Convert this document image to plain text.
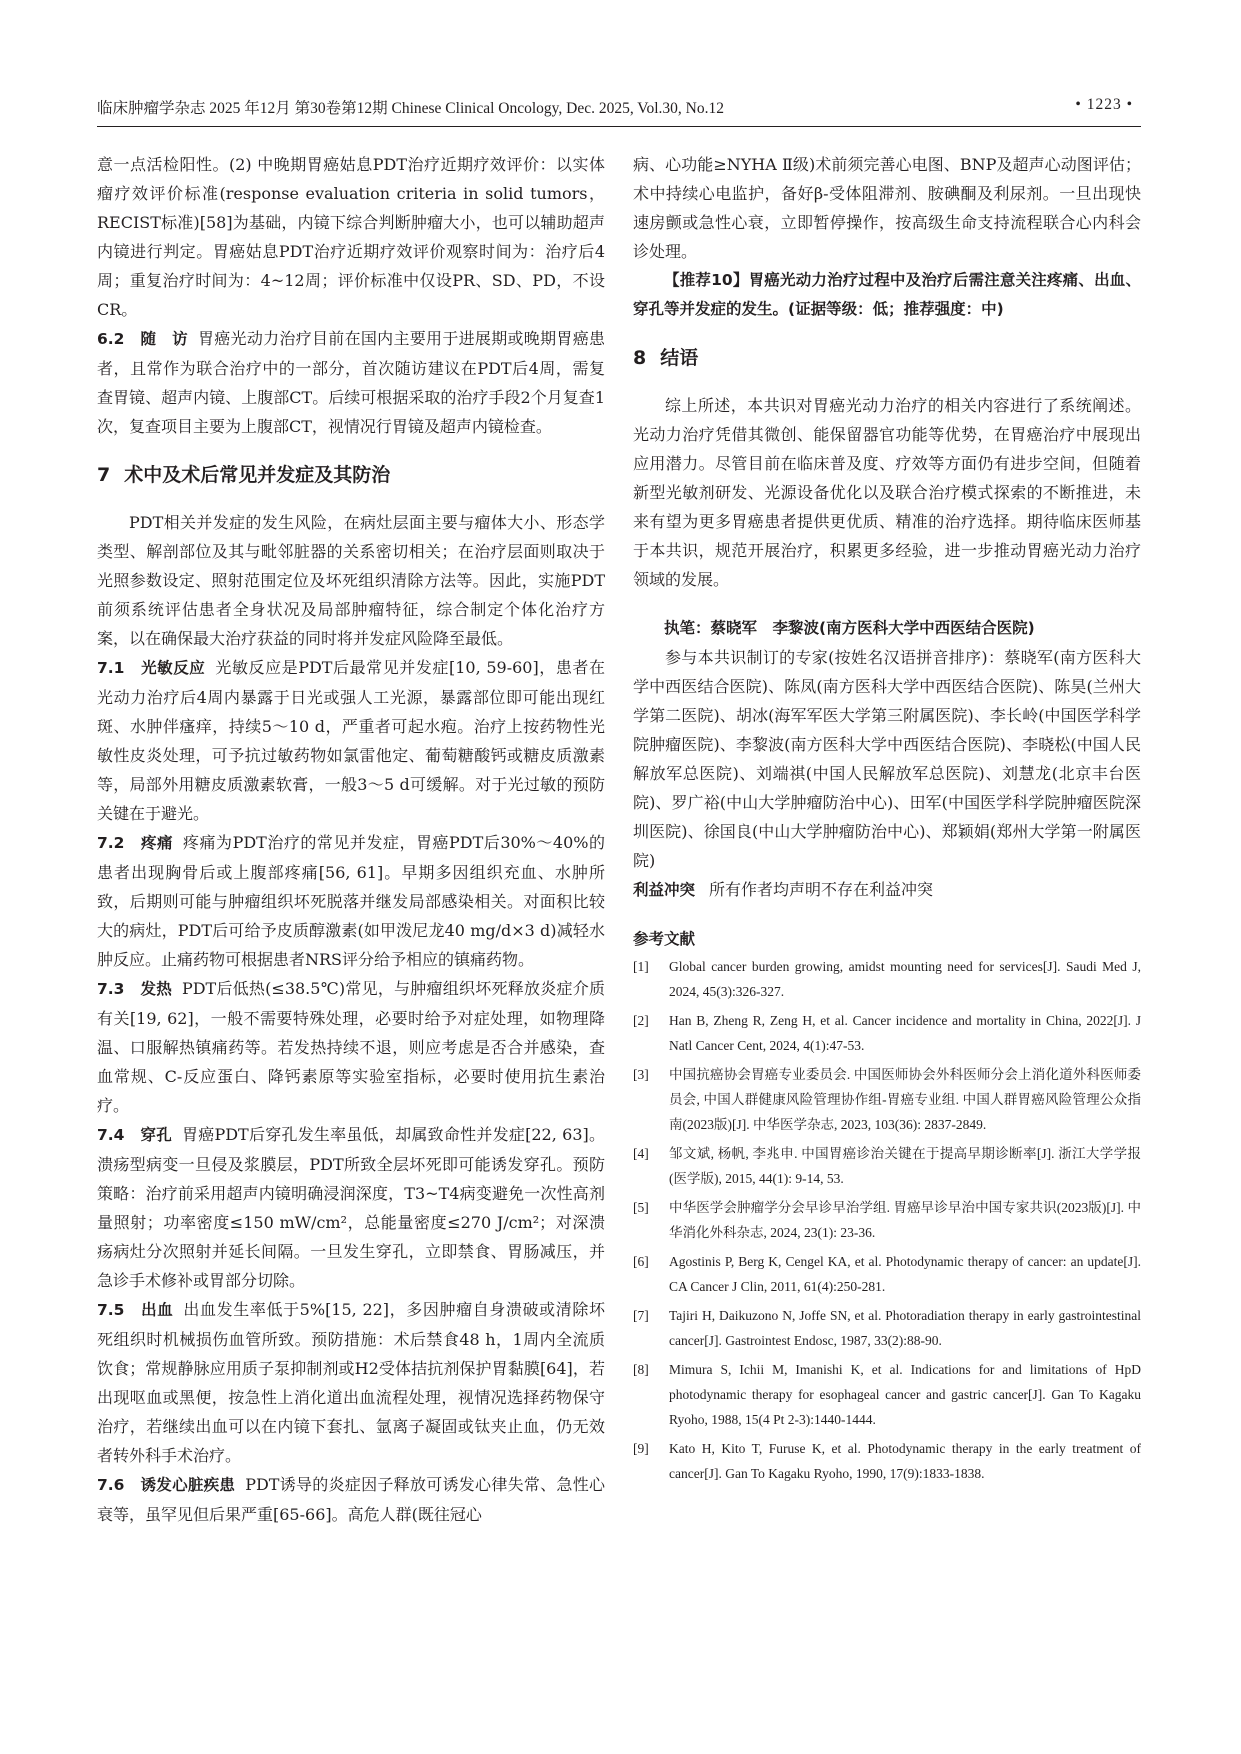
临床肿瘤学杂志 2025 年12月 第30卷第12期 Chinese Clinical Oncology, Dec. 2025, Vol.30, No.12	• 1223 •

意一点活检阳性。(2) 中晚期胃癌姑息PDT治疗近期疗效评价：以实体瘤疗效评价标准(response evaluation criteria in solid tumors，RECIST标准)[58]为基础，内镜下综合判断肿瘤大小，也可以辅助超声内镜进行判定。胃癌姑息PDT治疗近期疗效评价观察时间为：治疗后4周；重复治疗时间为：4~12周；评价标准中仅设PR、SD、PD，不设CR。

6.2　随　访 胃癌光动力治疗目前在国内主要用于进展期或晚期胃癌患者，且常作为联合治疗中的一部分，首次随访建议在PDT后4周，需复查胃镜、超声内镜、上腹部CT。后续可根据采取的治疗手段2个月复查1次，复查项目主要为上腹部CT，视情况行胃镜及超声内镜检查。

7 术中及术后常见并发症及其防治

PDT相关并发症的发生风险，在病灶层面主要与瘤体大小、形态学类型、解剖部位及其与毗邻脏器的关系密切相关；在治疗层面则取决于光照参数设定、照射范围定位及坏死组织清除方法等。因此，实施PDT前须系统评估患者全身状况及局部肿瘤特征，综合制定个体化治疗方案，以在确保最大治疗获益的同时将并发症风险降至最低。

7.1　光敏反应 光敏反应是PDT后最常见并发症[10, 59-60]，患者在光动力治疗后4周内暴露于日光或强人工光源，暴露部位即可能出现红斑、水肿伴瘙痒，持续5～10 d，严重者可起水疱。治疗上按药物性光敏性皮炎处理，可予抗过敏药物如氯雷他定、葡萄糖酸钙或糖皮质激素等，局部外用糖皮质激素软膏，一般3～5 d可缓解。对于光过敏的预防关键在于避光。

7.2　疼痛 疼痛为PDT治疗的常见并发症，胃癌PDT后30%～40%的患者出现胸骨后或上腹部疼痛[56, 61]。早期多因组织充血、水肿所致，后期则可能与肿瘤组织坏死脱落并继发局部感染相关。对面积比较大的病灶，PDT后可给予皮质醇激素(如甲泼尼龙40 mg/d×3 d)减轻水肿反应。止痛药物可根据患者NRS评分给予相应的镇痛药物。

7.3　发热 PDT后低热(≤38.5℃)常见，与肿瘤组织坏死释放炎症介质有关[19, 62]，一般不需要特殊处理，必要时给予对症处理，如物理降温、口服解热镇痛药等。若发热持续不退，则应考虑是否合并感染，查血常规、C-反应蛋白、降钙素原等实验室指标，必要时使用抗生素治疗。

7.4　穿孔 胃癌PDT后穿孔发生率虽低，却属致命性并发症[22, 63]。溃疡型病变一旦侵及浆膜层，PDT所致全层坏死即可能诱发穿孔。预防策略：治疗前采用超声内镜明确浸润深度，T3~T4病变避免一次性高剂量照射；功率密度≤150 mW/cm²，总能量密度≤270 J/cm²；对深溃疡病灶分次照射并延长间隔。一旦发生穿孔，立即禁食、胃肠减压，并急诊手术修补或胃部分切除。

7.5　出血 出血发生率低于5%[15, 22]，多因肿瘤自身溃破或清除坏死组织时机械损伤血管所致。预防措施：术后禁食48 h，1周内全流质饮食；常规静脉应用质子泵抑制剂或H2受体拮抗剂保护胃黏膜[64]，若出现呕血或黑便，按急性上消化道出血流程处理，视情况选择药物保守治疗，若继续出血可以在内镜下套扎、氩离子凝固或钛夹止血，仍无效者转外科手术治疗。

7.6　诱发心脏疾患 PDT诱导的炎症因子释放可诱发心律失常、急性心衰等，虽罕见但后果严重[65-66]。高危人群(既往冠心

病、心功能≥NYHA Ⅱ级)术前须完善心电图、BNP及超声心动图评估；术中持续心电监护，备好β-受体阻滞剂、胺碘酮及利尿剂。一旦出现快速房颤或急性心衰，立即暂停操作，按高级生命支持流程联合心内科会诊处理。

【推荐10】胃癌光动力治疗过程中及治疗后需注意关注疼痛、出血、穿孔等并发症的发生。(证据等级：低；推荐强度：中)

8 结语

综上所述，本共识对胃癌光动力治疗的相关内容进行了系统阐述。光动力治疗凭借其微创、能保留器官功能等优势，在胃癌治疗中展现出应用潜力。尽管目前在临床普及度、疗效等方面仍有进步空间，但随着新型光敏剂研发、光源设备优化以及联合治疗模式探索的不断推进，未来有望为更多胃癌患者提供更优质、精准的治疗选择。期待临床医师基于本共识，规范开展治疗，积累更多经验，进一步推动胃癌光动力治疗领域的发展。

执笔：蔡晓军　李黎波(南方医科大学中西医结合医院)

参与本共识制订的专家(按姓名汉语拼音排序)：蔡晓军(南方医科大学中西医结合医院)、陈凤(南方医科大学中西医结合医院)、陈昊(兰州大学第二医院)、胡冰(海军军医大学第三附属医院)、李长岭(中国医学科学院肿瘤医院)、李黎波(南方医科大学中西医结合医院)、李晓松(中国人民解放军总医院)、刘端祺(中国人民解放军总医院)、刘慧龙(北京丰台医院)、罗广裕(中山大学肿瘤防治中心)、田军(中国医学科学院肿瘤医院深圳医院)、徐国良(中山大学肿瘤防治中心)、郑颖娟(郑州大学第一附属医院)

利益冲突 所有作者均声明不存在利益冲突

参考文献
[1]	Global cancer burden growing, amidst mounting need for services[J]. Saudi Med J, 2024, 45(3):326-327.
[2]	Han B, Zheng R, Zeng H, et al. Cancer incidence and mortality in China, 2022[J]. J Natl Cancer Cent, 2024, 4(1):47-53.
[3]	中国抗癌协会胃癌专业委员会. 中国医师协会外科医师分会上消化道外科医师委员会, 中国人群健康风险管理协作组-胃癌专业组. 中国人群胃癌风险管理公众指南(2023版)[J]. 中华医学杂志, 2023, 103(36): 2837-2849.
[4]	邹文斌, 杨帆, 李兆申. 中国胃癌诊治关键在于提高早期诊断率[J]. 浙江大学学报(医学版), 2015, 44(1): 9-14, 53.
[5]	中华医学会肿瘤学分会早诊早治学组. 胃癌早诊早治中国专家共识(2023版)[J]. 中华消化外科杂志, 2024, 23(1): 23-36.
[6]	Agostinis P, Berg K, Cengel KA, et al. Photodynamic therapy of cancer: an update[J]. CA Cancer J Clin, 2011, 61(4):250-281.
[7]	Tajiri H, Daikuzono N, Joffe SN, et al. Photoradiation therapy in early gastrointestinal cancer[J]. Gastrointest Endosc, 1987, 33(2):88-90.
[8]	Mimura S, Ichii M, Imanishi K, et al. Indications for and limitations of HpD photodynamic therapy for esophageal cancer and gastric cancer[J]. Gan To Kagaku Ryoho, 1988, 15(4 Pt 2-3):1440-1444.
[9]	Kato H, Kito T, Furuse K, et al. Photodynamic therapy in the early treatment of cancer[J]. Gan To Kagaku Ryoho, 1990, 17(9):1833-1838.
